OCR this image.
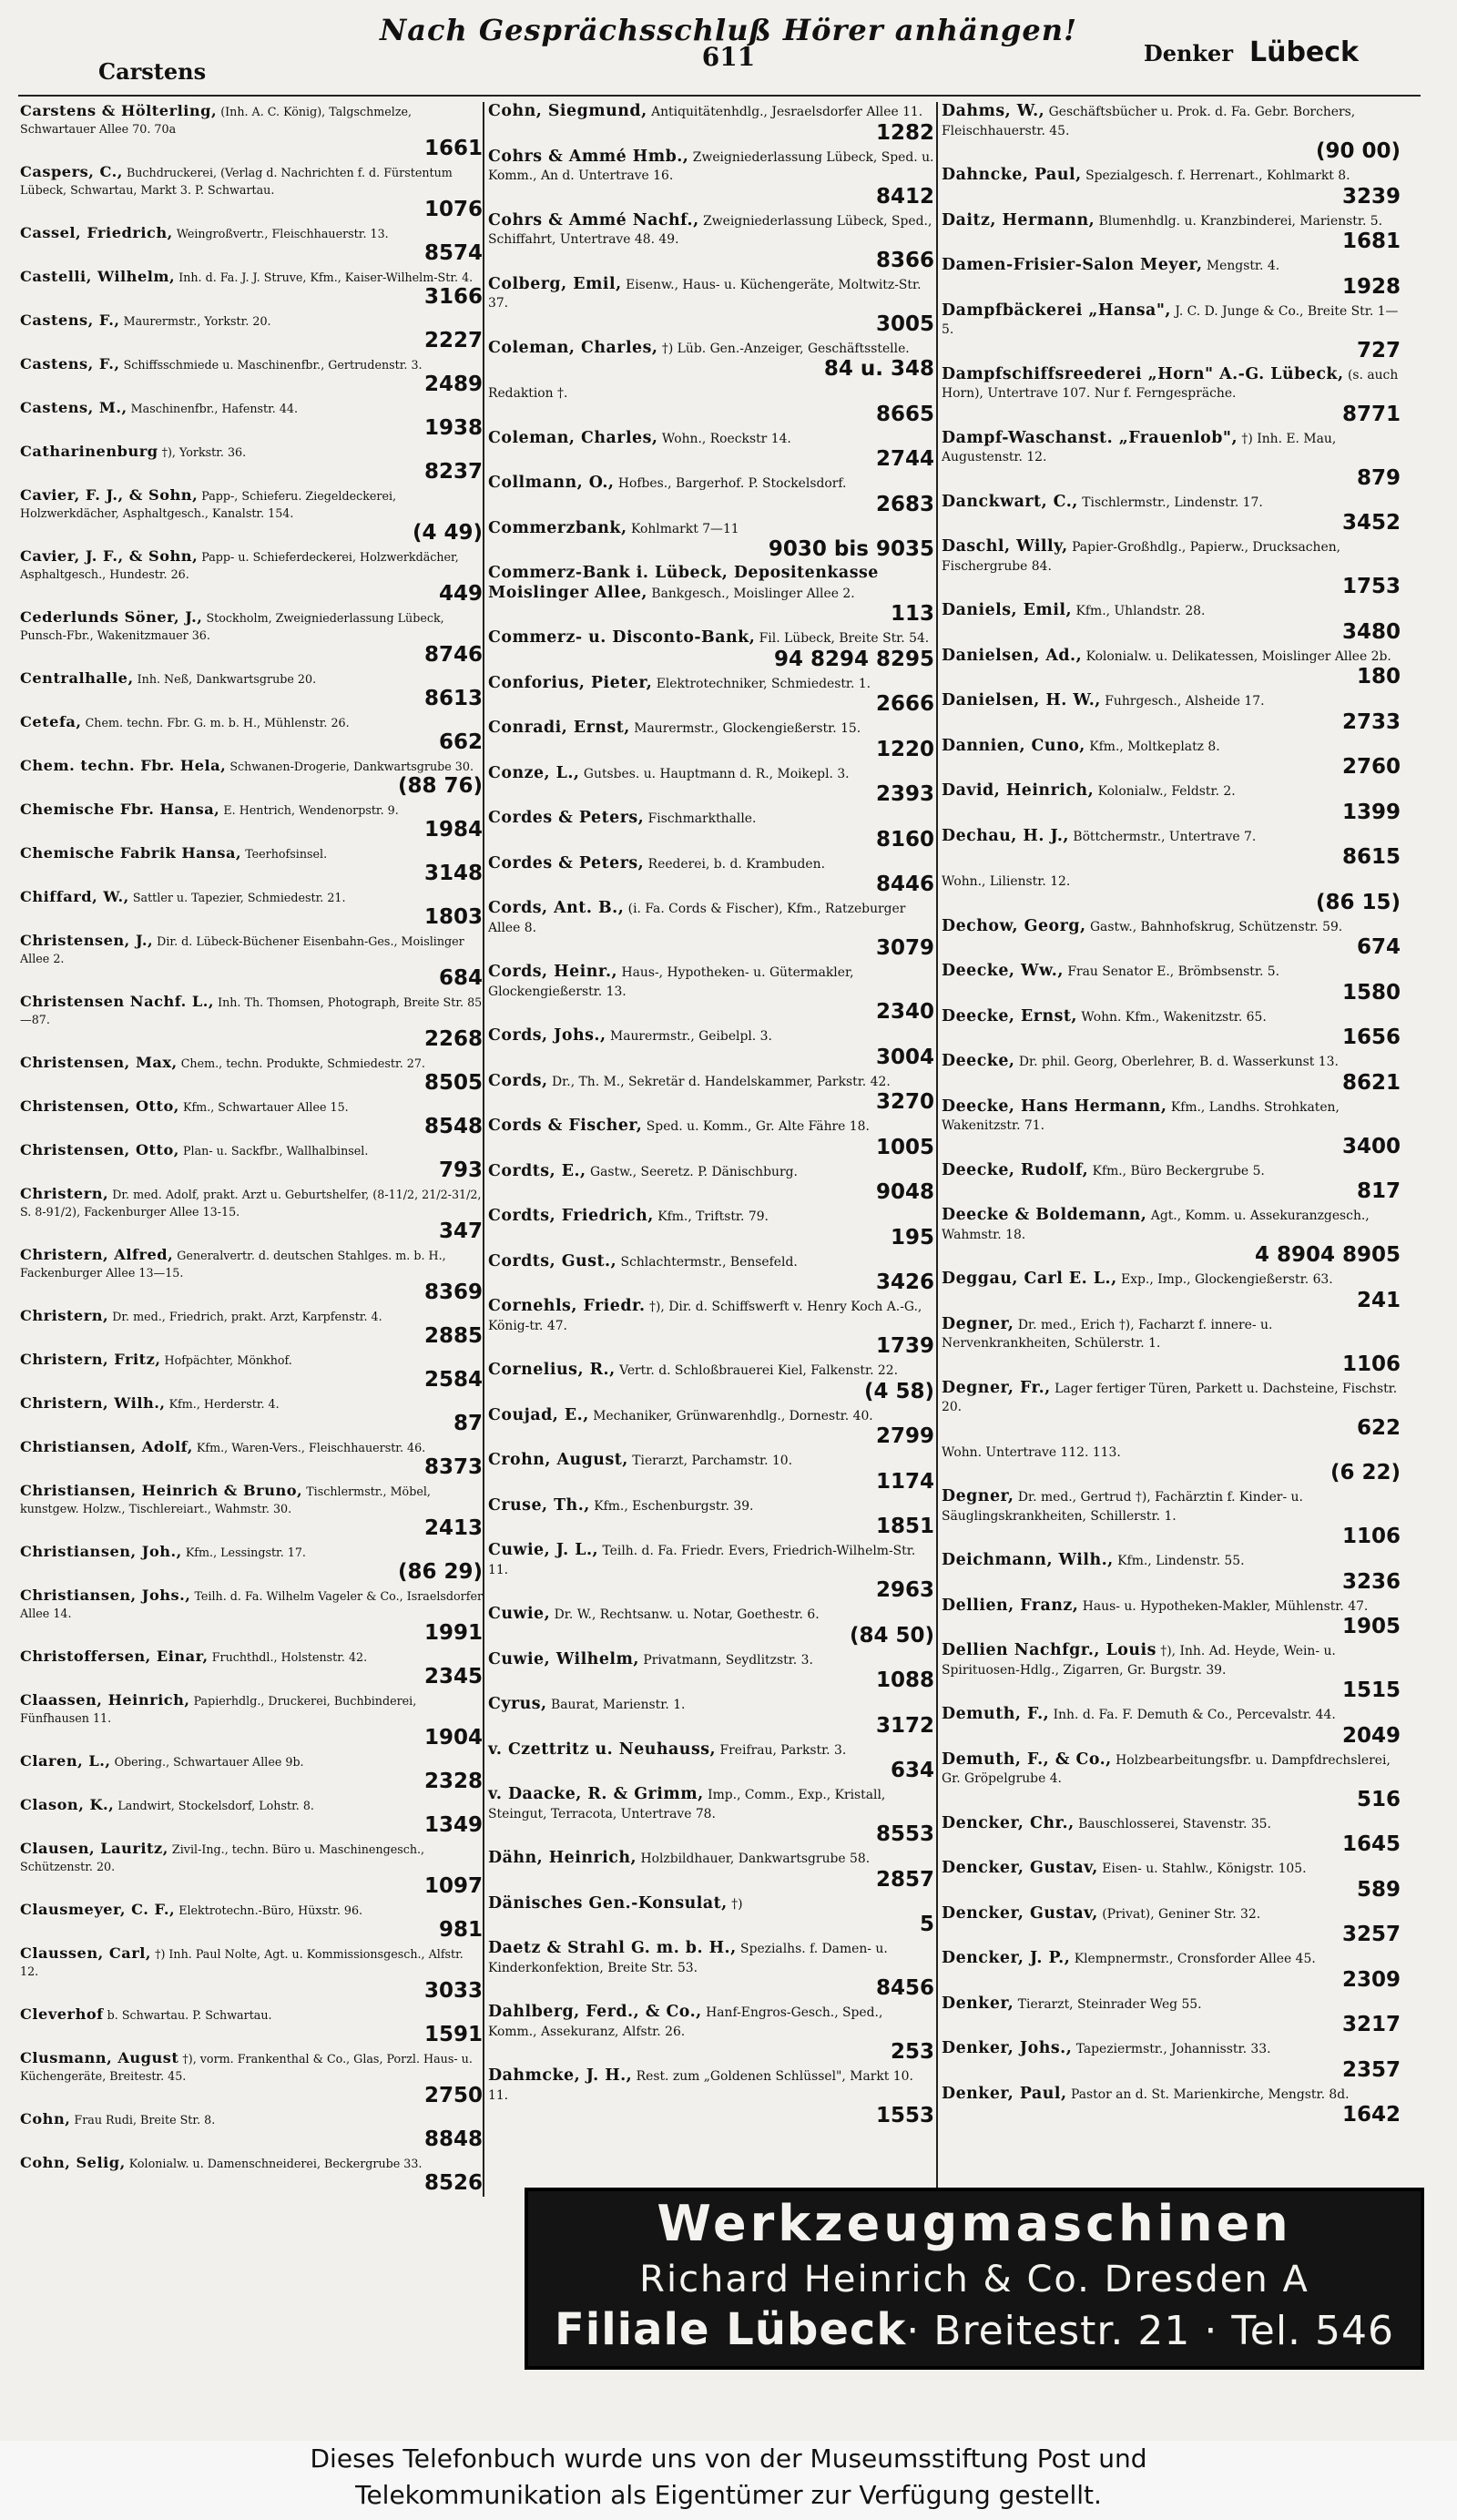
Nach Gesprächsschluß Hörer anhängen!
Carstens	611	Denker Lübeck
Carstens & Hölterling, (Inh. A. C. König), Talgschmelze, Schwartauer Allee 70. 70a
1661
Caspers, C., Buchdruckerei, (Verlag d. Nachrichten f. d. Fürstentum Lübeck, Schwartau, Markt 3. P. Schwartau.
1076
Cassel, Friedrich, Weingroßvertr., Fleischhauerstr. 13.
8574
Castelli, Wilhelm, Inh. d. Fa. J. J. Struve, Kfm., Kaiser-Wilhelm-Str. 4.
3166
Castens, F., Maurermstr., Yorkstr. 20.
2227
Castens, F., Schiffsschmiede u. Maschinenfbr., Gertrudenstr. 3.
2489
Castens, M., Maschinenfbr., Hafenstr. 44.
1938
Catharinenburg †), Yorkstr. 36.
8237
Cavier, F. J., & Sohn, Papp-, Schieferu. Ziegeldeckerei, Holzwerkdächer, Asphaltgesch., Kanalstr. 154.
(4 49)
Cavier, J. F., & Sohn, Papp- u. Schieferdeckerei, Holzwerkdächer, Asphaltgesch., Hundestr. 26.
449
Cederlunds Söner, J., Stockholm, Zweigniederlassung Lübeck, Punsch-Fbr., Wakenitzmauer 36.
8746
Centralhalle, Inh. Neß, Dankwartsgrube 20.
8613
Cetefa, Chem. techn. Fbr. G. m. b. H., Mühlenstr. 26.
662
Chem. techn. Fbr. Hela, Schwanen-Drogerie, Dankwartsgrube 30.
(88 76)
Chemische Fbr. Hansa, E. Hentrich, Wendenorpstr. 9.
1984
Chemische Fabrik Hansa, Teerhofsinsel.
3148
Chiffard, W., Sattler u. Tapezier, Schmiedestr. 21.
1803
Christensen, J., Dir. d. Lübeck-Büchener Eisenbahn-Ges., Moislinger Allee 2.
684
Christensen Nachf. L., Inh. Th. Thomsen, Photograph, Breite Str. 85—87.
2268
Christensen, Max, Chem., techn. Produkte, Schmiedestr. 27.
8505
Christensen, Otto, Kfm., Schwartauer Allee 15.
8548
Christensen, Otto, Plan- u. Sackfbr., Wallhalbinsel.
793
Christern, Dr. med. Adolf, prakt. Arzt u. Geburtshelfer, (8-11/2, 21/2-31/2, S. 8-91/2), Fackenburger Allee 13-15.
347
Christern, Alfred, Generalvertr. d. deutschen Stahlges. m. b. H., Fackenburger Allee 13—15.
8369
Christern, Dr. med., Friedrich, prakt. Arzt, Karpfenstr. 4.
2885
Christern, Fritz, Hofpächter, Mönkhof.
2584
Christern, Wilh., Kfm., Herderstr. 4.
87
Christiansen, Adolf, Kfm., Waren-Vers., Fleischhauerstr. 46.
8373
Christiansen, Heinrich & Bruno, Tischlermstr., Möbel, kunstgew. Holzw., Tischlereiart., Wahmstr. 30.
2413
Christiansen, Joh., Kfm., Lessingstr. 17.
(86 29)
Christiansen, Johs., Teilh. d. Fa. Wilhelm Vageler & Co., Israelsdorfer Allee 14.
1991
Christoffersen, Einar, Fruchthdl., Holstenstr. 42.
2345
Claassen, Heinrich, Papierhdlg., Druckerei, Buchbinderei, Fünfhausen 11.
1904
Claren, L., Obering., Schwartauer Allee 9b.
2328
Clason, K., Landwirt, Stockelsdorf, Lohstr. 8.
1349
Clausen, Lauritz, Zivil-Ing., techn. Büro u. Maschinengesch., Schützenstr. 20.
1097
Clausmeyer, C. F., Elektrotechn.-Büro, Hüxstr. 96.
981
Claussen, Carl, †) Inh. Paul Nolte, Agt. u. Kommissionsgesch., Alfstr. 12.
3033
Cleverhof b. Schwartau. P. Schwartau.
1591
Clusmann, August †), vorm. Frankenthal & Co., Glas, Porzl. Haus- u. Küchengeräte, Breitestr. 45.
2750
Cohn, Frau Rudi, Breite Str. 8.
8848
Cohn, Selig, Kolonialw. u. Damenschneiderei, Beckergrube 33.
8526
Cohn, Siegmund, Antiquitätenhdlg., Jesraelsdorfer Allee 11.
1282
Cohrs & Ammé Hmb., Zweigniederlassung Lübeck, Sped. u. Komm., An d. Untertrave 16.
8412
Cohrs & Ammé Nachf., Zweigniederlassung Lübeck, Sped., Schiffahrt, Untertrave 48. 49.
8366
Colberg, Emil, Eisenw., Haus- u. Küchengeräte, Moltwitz-Str. 37.
3005
Coleman, Charles, †) Lüb. Gen.-Anzeiger, Geschäftsstelle.
84 u. 348
Redaktion †.
8665
Coleman, Charles, Wohn., Roeckstr 14.
2744
Collmann, O., Hofbes., Bargerhof. P. Stockelsdorf.
2683
Commerzbank, Kohlmarkt 7—11
9030 bis 9035
Commerz-Bank i. Lübeck, Depositenkasse Moislinger Allee, Bankgesch., Moislinger Allee 2.
113
Commerz- u. Disconto-Bank, Fil. Lübeck, Breite Str. 54.
94 8294 8295
Conforius, Pieter, Elektrotechniker, Schmiedestr. 1.
2666
Conradi, Ernst, Maurermstr., Glockengießerstr. 15.
1220
Conze, L., Gutsbes. u. Hauptmann d. R., Moikepl. 3.
2393
Cordes & Peters, Fischmarkthalle.
8160
Cordes & Peters, Reederei, b. d. Krambuden.
8446
Cords, Ant. B., (i. Fa. Cords & Fischer), Kfm., Ratzeburger Allee 8.
3079
Cords, Heinr., Haus-, Hypotheken- u. Gütermakler, Glockengießerstr. 13.
2340
Cords, Johs., Maurermstr., Geibelpl. 3.
3004
Cords, Dr., Th. M., Sekretär d. Handelskammer, Parkstr. 42.
3270
Cords & Fischer, Sped. u. Komm., Gr. Alte Fähre 18.
1005
Cordts, E., Gastw., Seeretz. P. Dänischburg.
9048
Cordts, Friedrich, Kfm., Triftstr. 79.
195
Cordts, Gust., Schlachtermstr., Bensefeld.
3426
Cornehls, Friedr. †), Dir. d. Schiffswerft v. Henry Koch A.-G., König-tr. 47.
1739
Cornelius, R., Vertr. d. Schloßbrauerei Kiel, Falkenstr. 22.
(4 58)
Coujad, E., Mechaniker, Grünwarenhdlg., Dornestr. 40.
2799
Crohn, August, Tierarzt, Parchamstr. 10.
1174
Cruse, Th., Kfm., Eschenburgstr. 39.
1851
Cuwie, J. L., Teilh. d. Fa. Friedr. Evers, Friedrich-Wilhelm-Str. 11.
2963
Cuwie, Dr. W., Rechtsanw. u. Notar, Goethestr. 6.
(84 50)
Cuwie, Wilhelm, Privatmann, Seydlitzstr. 3.
1088
Cyrus, Baurat, Marienstr. 1.
3172
v. Czettritz u. Neuhauss, Freifrau, Parkstr. 3.
634
v. Daacke, R. & Grimm, Imp., Comm., Exp., Kristall, Steingut, Terracota, Untertrave 78.
8553
Dähn, Heinrich, Holzbildhauer, Dankwartsgrube 58.
2857
Dänisches Gen.-Konsulat, †)
5
Daetz & Strahl G. m. b. H., Spezialhs. f. Damen- u. Kinderkonfektion, Breite Str. 53.
8456
Dahlberg, Ferd., & Co., Hanf-Engros-Gesch., Sped., Komm., Assekuranz, Alfstr. 26.
253
Dahmcke, J. H., Rest. zum „Goldenen Schlüssel", Markt 10. 11.
1553
Dahms, W., Geschäftsbücher u. Prok. d. Fa. Gebr. Borchers, Fleischhauerstr. 45.
(90 00)
Dahncke, Paul, Spezialgesch. f. Herrenart., Kohlmarkt 8.
3239
Daitz, Hermann, Blumenhdlg. u. Kranzbinderei, Marienstr. 5.
1681
Damen-Frisier-Salon Meyer, Mengstr. 4.
1928
Dampfbäckerei „Hansa", J. C. D. Junge & Co., Breite Str. 1—5.
727
Dampfschiffsreederei „Horn" A.-G. Lübeck, (s. auch Horn), Untertrave 107. Nur f. Ferngespräche.
8771
Dampf-Waschanst. „Frauenlob", †) Inh. E. Mau, Augustenstr. 12.
879
Danckwart, C., Tischlermstr., Lindenstr. 17.
3452
Daschl, Willy, Papier-Großhdlg., Papierw., Drucksachen, Fischergrube 84.
1753
Daniels, Emil, Kfm., Uhlandstr. 28.
3480
Danielsen, Ad., Kolonialw. u. Delikatessen, Moislinger Allee 2b.
180
Danielsen, H. W., Fuhrgesch., Alsheide 17.
2733
Dannien, Cuno, Kfm., Moltkeplatz 8.
2760
David, Heinrich, Kolonialw., Feldstr. 2.
1399
Dechau, H. J., Böttchermstr., Untertrave 7.
8615
Wohn., Lilienstr. 12.
(86 15)
Dechow, Georg, Gastw., Bahnhofskrug, Schützenstr. 59.
674
Deecke, Ww., Frau Senator E., Brömbsenstr. 5.
1580
Deecke, Ernst, Wohn. Kfm., Wakenitzstr. 65.
1656
Deecke, Dr. phil. Georg, Oberlehrer, B. d. Wasserkunst 13.
8621
Deecke, Hans Hermann, Kfm., Landhs. Strohkaten, Wakenitzstr. 71.
3400
Deecke, Rudolf, Kfm., Büro Beckergrube 5.
817
Deecke & Boldemann, Agt., Komm. u. Assekuranzgesch., Wahmstr. 18.
4 8904 8905
Deggau, Carl E. L., Exp., Imp., Glockengießerstr. 63.
241
Degner, Dr. med., Erich †), Facharzt f. innere- u. Nervenkrankheiten, Schülerstr. 1.
1106
Degner, Fr., Lager fertiger Türen, Parkett u. Dachsteine, Fischstr. 20.
622
Wohn. Untertrave 112. 113.
(6 22)
Degner, Dr. med., Gertrud †), Fachärztin f. Kinder- u. Säuglingskrankheiten, Schillerstr. 1.
1106
Deichmann, Wilh., Kfm., Lindenstr. 55.
3236
Dellien, Franz, Haus- u. Hypotheken-Makler, Mühlenstr. 47.
1905
Dellien Nachfgr., Louis †), Inh. Ad. Heyde, Wein- u. Spirituosen-Hdlg., Zigarren, Gr. Burgstr. 39.
1515
Demuth, F., Inh. d. Fa. F. Demuth & Co., Percevalstr. 44.
2049
Demuth, F., & Co., Holzbearbeitungsfbr. u. Dampfdrechslerei, Gr. Gröpelgrube 4.
516
Dencker, Chr., Bauschlosserei, Stavenstr. 35.
1645
Dencker, Gustav, Eisen- u. Stahlw., Königstr. 105.
589
Dencker, Gustav, (Privat), Geniner Str. 32.
3257
Dencker, J. P., Klempnermstr., Cronsforder Allee 45.
2309
Denker, Tierarzt, Steinrader Weg 55.
3217
Denker, Johs., Tapeziermstr., Johannisstr. 33.
2357
Denker, Paul, Pastor an d. St. Marienkirche, Mengstr. 8d.
1642
Werkzeugmaschinen
Richard Heinrich & Co. Dresden A
Filiale Lübeck· Breitestr. 21 · Tel. 546
Dieses Telefonbuch wurde uns von der Museumsstiftung Post und
Telekommunikation als Eigentümer zur Verfügung gestellt.
